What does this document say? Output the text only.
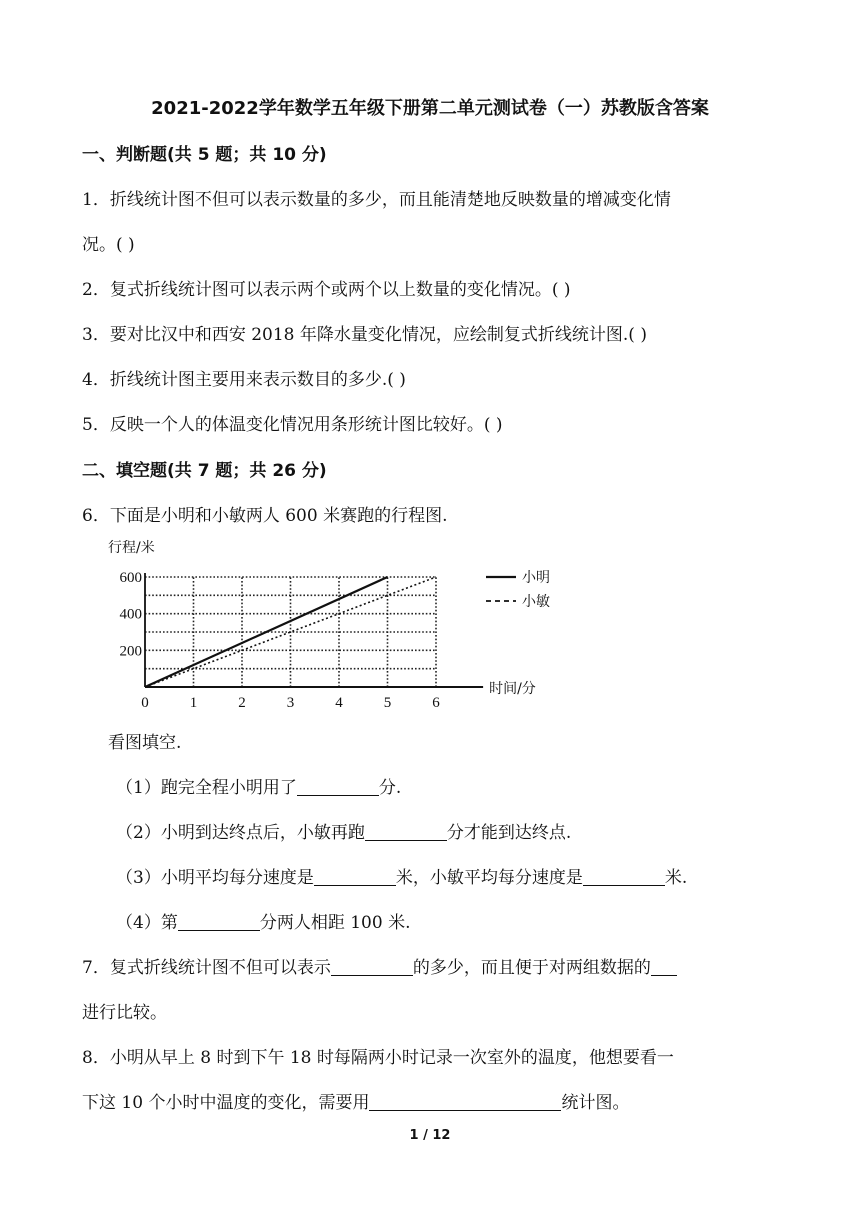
2021-2022学年数学五年级下册第二单元测试卷（一）苏教版含答案
一、判断题(共 5 题；共 10 分)
1．折线统计图不但可以表示数量的多少，而且能清楚地反映数量的增减变化情
况。( )
2．复式折线统计图可以表示两个或两个以上数量的变化情况。( )
3．要对比汉中和西安 2018 年降水量变化情况，应绘制复式折线统计图.( )
4．折线统计图主要用来表示数目的多少.( )
5．反映一个人的体温变化情况用条形统计图比较好。( )
二、填空题(共 7 题；共 26 分)
6．下面是小明和小敏两人 600 米赛跑的行程图.
0	1	2	3	4	5	6
200
400
600
行程/米
时间/分
小明
小敏
看图填空.
（1）跑完全程小明用了	分.
（2）小明到达终点后，小敏再跑	分才能到达终点.
（3）小明平均每分速度是	米，小敏平均每分速度是	米.
（4）第	分两人相距 100 米.
7．复式折线统计图不但可以表示	的多少，而且便于对两组数据的
进行比较。
8．小明从早上 8 时到下午 18 时每隔两小时记录一次室外的温度，他想要看一
下这 10 个小时中温度的变化，需要用	统计图。
1 / 12
